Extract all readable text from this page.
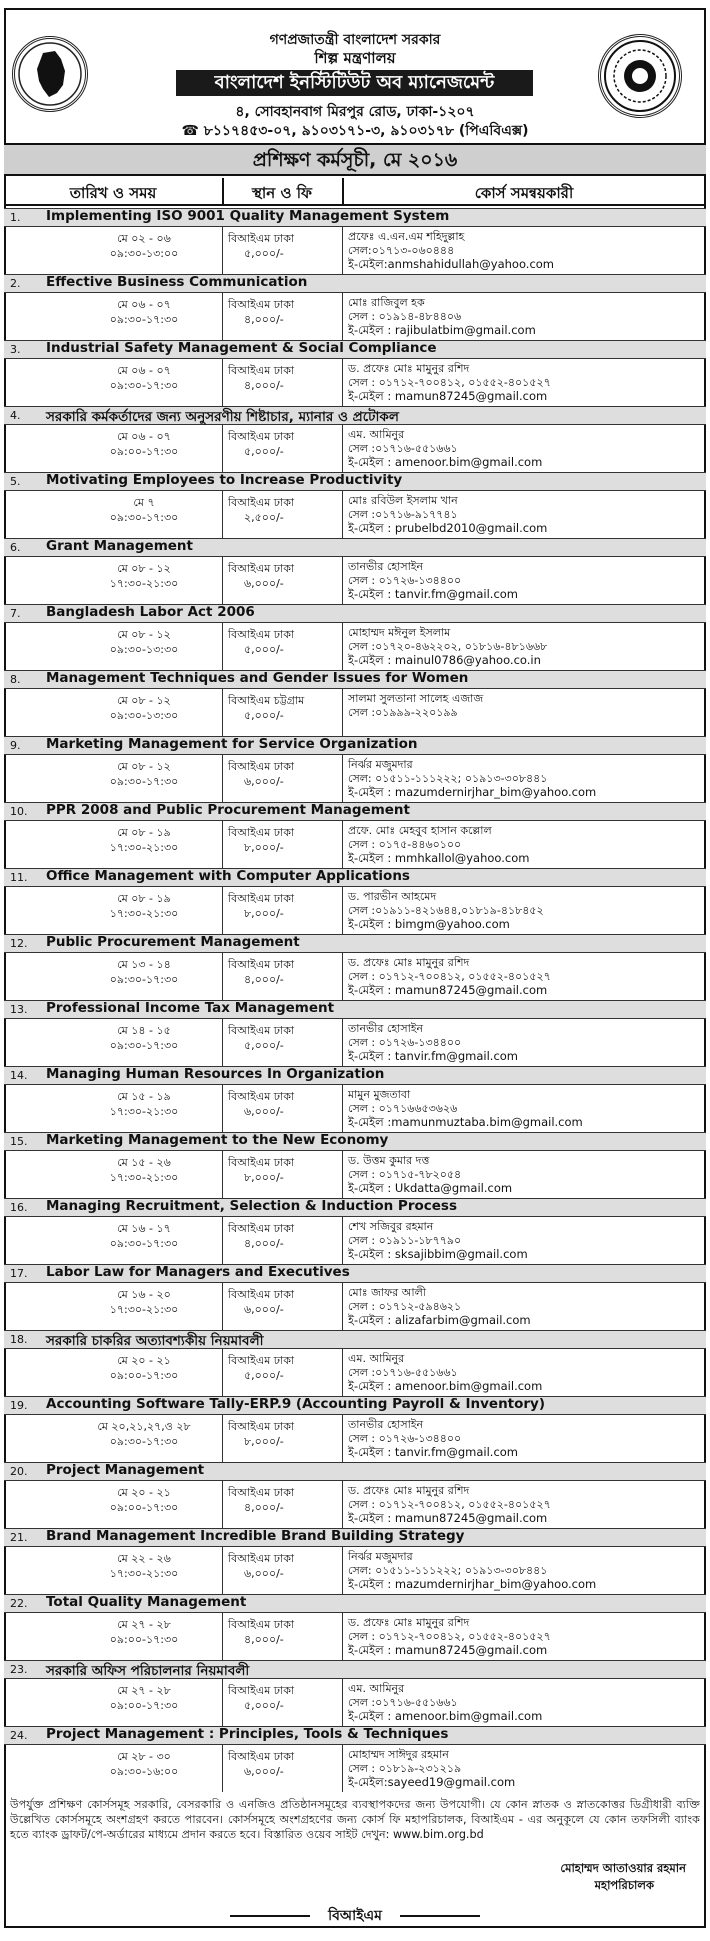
গণপ্রজাতন্ত্রী বাংলাদেশ সরকার
শিল্প মন্ত্রণালয়
বাংলাদেশ ইনস্টিটিউট অব ম্যানেজমেন্ট
৪, সোবহানবাগ মিরপুর রোড, ঢাকা-১২০৭
☎ ৮১১৭৪৫৩-০৭, ৯১০৩১৭১-৩, ৯১০৩১৭৮ (পিএবিএক্স)
প্রশিক্ষণ কর্মসূচী, মে ২০১৬
তারিখ ও সময়	স্থান ও ফি	কোর্স সমন্বয়কারী
1. Implementing ISO 9001 Quality Management System
মে ০২ - ০৬
০৯:৩০-১৩:০০
বিআইএম ঢাকা
৫,০০০/-
প্রফেঃ এ.এন.এম শহিদুল্লাহ
সেল:০১৭১৩-০৬০৪৪৪
ই-মেইল:anmshahidullah@yahoo.com
2. Effective Business Communication
মে ০৬ - ০৭
০৯:৩০-১৭:৩০
বিআইএম ঢাকা
৪,০০০/-
মোঃ রাজিবুল হক
সেল : ০১৯১৪-৪৮৪৪০৬
ই-মেইল : rajibulatbim@gmail.com
3. Industrial Safety Management & Social Compliance
মে ০৬ - ০৭
০৯:৩০-১৭:৩০
বিআইএম ঢাকা
৪,০০০/-
ড. প্রফেঃ মোঃ মামুনুর রশিদ
সেল : ০১৭১২-৭০০৪১২, ০১৫৫২-৪০১৫২৭
ই-মেইল : mamun87245@gmail.com
4. সরকারি কর্মকর্তাদের জন্য অনুসরণীয় শিষ্টাচার, ম্যানার ও প্রটোকল
মে ০৬ - ০৭
০৯:০০-১৭:৩০
বিআইএম ঢাকা
৫,০০০/-
এম. আমিনুর
সেল :০১৭১৬-৫৫১৬৬১
ই-মেইল : amenoor.bim@gmail.com
5. Motivating Employees to Increase Productivity
মে ৭
০৯:৩০-১৭:৩০
বিআইএম ঢাকা
২,৫০০/-
মোঃ রবিউল ইসলাম খান
সেল :০১৭১৬-৯১৭৭৪১
ই-মেইল : prubelbd2010@gmail.com
6. Grant Management
মে ০৮ - ১২
১৭:৩০-২১:৩০
বিআইএম ঢাকা
৬,০০০/-
তানভীর হোসাইন
সেল : ০১৭২৬-১৩৪৪০০
ই-মেইল : tanvir.fm@gmail.com
7. Bangladesh Labor Act 2006
মে ০৮ - ১২
০৯:৩০-১৩:৩০
বিআইএম ঢাকা
৫,০০০/-
মোহাম্মদ মঈনুল ইসলাম
সেল :০১৭২০-৪৬২২০২, ০১৮১৬-৪৮১৬৬৮
ই-মেইল : mainul0786@yahoo.co.in
8. Management Techniques and Gender Issues for Women
মে ০৮ - ১২
০৯:৩০-১৩:৩০
বিআইএম চট্টগ্রাম
৫,০০০/-
সালমা সুলতানা সালেহ এজাজ
সেল :০১৯৯৯-২২০১৯৯
9. Marketing Management for Service Organization
মে ০৮ - ১২
০৯:৩০-১৭:৩০
বিআইএম ঢাকা
৬,০০০/-
নির্ঝর মজুমদার
সেল: ০১৫১১-১১১২২২; ০১৯১৩-৩০৮৪৪১
ই-মেইল : mazumdernirjhar_bim@yahoo.com
10. PPR 2008 and Public Procurement Management
মে ০৮ - ১৯
১৭:৩০-২১:৩০
বিআইএম ঢাকা
৮,০০০/-
প্রফে. মোঃ মেহবুব হাসান কল্লোল
সেল : ০১৭৫-৪৪৬০১০০
ই-মেইল : mmhkallol@yahoo.com
11. Office Management with Computer Applications
মে ০৮ - ১৯
১৭:৩০-২১:৩০
বিআইএম ঢাকা
৮,০০০/-
ড. পারভীন আহমেদ
সেল :০১৯১১-৪২১৬৪৪,০১৮১৯-৪১৮৪৫২
ই-মেইল : bimgm@yahoo.com
12. Public Procurement Management
মে ১৩ - ১৪
০৯:৩০-১৭:৩০
বিআইএম ঢাকা
৪,০০০/-
ড. প্রফেঃ মোঃ মামুনুর রশিদ
সেল : ০১৭১২-৭০০৪১২, ০১৫৫২-৪০১৫২৭
ই-মেইল : mamun87245@gmail.com
13. Professional Income Tax Management
মে ১৪ - ১৫
০৯:৩০-১৭:৩০
বিআইএম ঢাকা
৫,০০০/-
তানভীর হোসাইন
সেল : ০১৭২৬-১৩৪৪০০
ই-মেইল : tanvir.fm@gmail.com
14. Managing Human Resources In Organization
মে ১৫ - ১৯
১৭:৩০-২১:৩০
বিআইএম ঢাকা
৬,০০০/-
মামুন মুজতাবা
সেল : ০১৭১৬৬৫৩৬২৬
ই-মেইল :mamunmuztaba.bim@gmail.com
15. Marketing Management to the New Economy
মে ১৫ - ২৬
১৭:৩০-২১:৩০
বিআইএম ঢাকা
৮,০০০/-
ড. উত্তম কুমার দত্ত
সেল : ০১৭১৫-৭৮২০৫৪
ই-মেইল : Ukdatta@gmail.com
16. Managing Recruitment, Selection & Induction Process
মে ১৬ - ১৭
০৯:৩০-১৭:৩০
বিআইএম ঢাকা
৪,০০০/-
শেখ সজিবুর রহমান
সেল : ০১৯১১-১৮৭৭৯০
ই-মেইল : sksajibbim@gmail.com
17. Labor Law for Managers and Executives
মে ১৬ - ২০
১৭:৩০-২১:৩০
বিআইএম ঢাকা
৬,০০০/-
মোঃ জাফর আলী
সেল : ০১৭১২-৫৯৪৬২১
ই-মেইল : alizafarbim@gmail.com
18. সরকারি চাকরির অত্যাবশ্যকীয় নিয়মাবলী
মে ২০ - ২১
০৯:০০-১৭:৩০
বিআইএম ঢাকা
৫,০০০/-
এম. আমিনুর
সেল :০১৭১৬-৫৫১৬৬১
ই-মেইল : amenoor.bim@gmail.com
19. Accounting Software Tally-ERP.9 (Accounting Payroll & Inventory)
মে ২০,২১,২৭,ও ২৮
০৯:৩০-১৭:৩০
বিআইএম ঢাকা
৮,০০০/-
তানভীর হোসাইন
সেল : ০১৭২৬-১৩৪৪০০
ই-মেইল : tanvir.fm@gmail.com
20. Project Management
মে ২০ - ২১
০৯:০০-১৭:৩০
বিআইএম ঢাকা
৪,০০০/-
ড. প্রফেঃ মোঃ মামুনুর রশিদ
সেল : ০১৭১২-৭০০৪১২, ০১৫৫২-৪০১৫২৭
ই-মেইল : mamun87245@gmail.com
21. Brand Management Incredible Brand Building Strategy
মে ২২ - ২৬
১৭:৩০-২১:৩০
বিআইএম ঢাকা
৬,০০০/-
নির্ঝর মজুমদার
সেল: ০১৫১১-১১১২২২; ০১৯১৩-৩০৮৪৪১
ই-মেইল : mazumdernirjhar_bim@yahoo.com
22. Total Quality Management
মে ২৭ - ২৮
০৯:০০-১৭:৩০
বিআইএম ঢাকা
৪,০০০/-
ড. প্রফেঃ মোঃ মামুনুর রশিদ
সেল : ০১৭১২-৭০০৪১২, ০১৫৫২-৪০১৫২৭
ই-মেইল : mamun87245@gmail.com
23. সরকারি অফিস পরিচালনার নিয়মাবলী
মে ২৭ - ২৮
০৯:০০-১৭:৩০
বিআইএম ঢাকা
৫,০০০/-
এম. আমিনুর
সেল :০১৭১৬-৫৫১৬৬১
ই-মেইল : amenoor.bim@gmail.com
24. Project Management : Principles, Tools & Techniques
মে ২৮ - ৩০
০৯:৩০-১৬:০০
বিআইএম ঢাকা
৬,০০০/-
মোহাম্মদ সাঈদুর রহমান
সেল : ০১৮১৯-২৩১২১৯
ই-মেইল:sayeed19@gmail.com
উপর্যুক্ত প্রশিক্ষণ কোর্সসমূহ সরকারি, বেসরকারি ও এনজিও প্রতিষ্ঠানসমূহের ব্যবস্থাপকদের জন্য উপযোগী। যে কোন স্নাতক ও স্নাতকোত্তর ডিগ্রীধারী ব্যক্তি উল্লেখিত কোর্সসমূহে অংশগ্রহণ করতে পারবেন। কোর্সসমূহে অংশগ্রহণের জন্য কোর্স ফি মহাপরিচালক, বিআইএম - এর অনুকূলে যে কোন তফসিলী ব্যাংক হতে ব্যাংক ড্রাফট/পে-অর্ডারের মাধ্যমে প্রদান করতে হবে। বিস্তারিত ওয়েব সাইট দেখুন: www.bim.org.bd
মোহাম্মদ আতাওয়ার রহমান
মহাপরিচালক
বিআইএম
